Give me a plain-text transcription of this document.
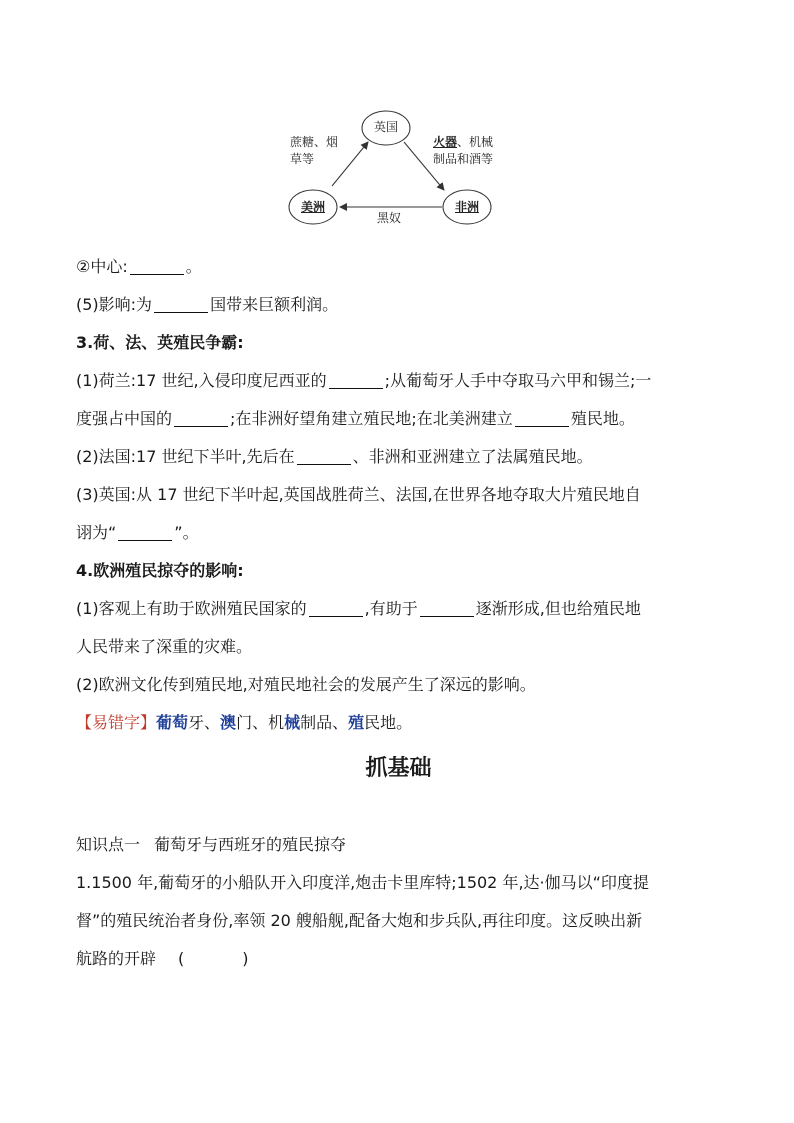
英国
美洲	非洲
蔗糖、烟
草等
火器、机械
制品和酒等
黑奴
②中心:	。
(5)影响:为	国带来巨额利润。
3.荷、法、英殖民争霸:
(1)荷兰:17 世纪,入侵印度尼西亚的	;从葡萄牙人手中夺取马六甲和锡兰;一
度强占中国的	;在非洲好望角建立殖民地;在北美洲建立	殖民地。
(2)法国:17 世纪下半叶,先后在	、非洲和亚洲建立了法属殖民地。
(3)英国:从 17 世纪下半叶起,英国战胜荷兰、法国,在世界各地夺取大片殖民地自
诩为“	”。
4.欧洲殖民掠夺的影响:
(1)客观上有助于欧洲殖民国家的	,有助于	逐渐形成,但也给殖民地
人民带来了深重的灾难。
(2)欧洲文化传到殖民地,对殖民地社会的发展产生了深远的影响。
【易错字】葡萄牙、澳门、机械制品、殖民地。
抓基础
知识点一 葡萄牙与西班牙的殖民掠夺
1.1500 年,葡萄牙的小船队开入印度洋,炮击卡里库特;1502 年,达·伽马以“印度提
督”的殖民统治者身份,率领 20 艘船舰,配备大炮和步兵队,再往印度。这反映出新
航路的开辟 (	)
